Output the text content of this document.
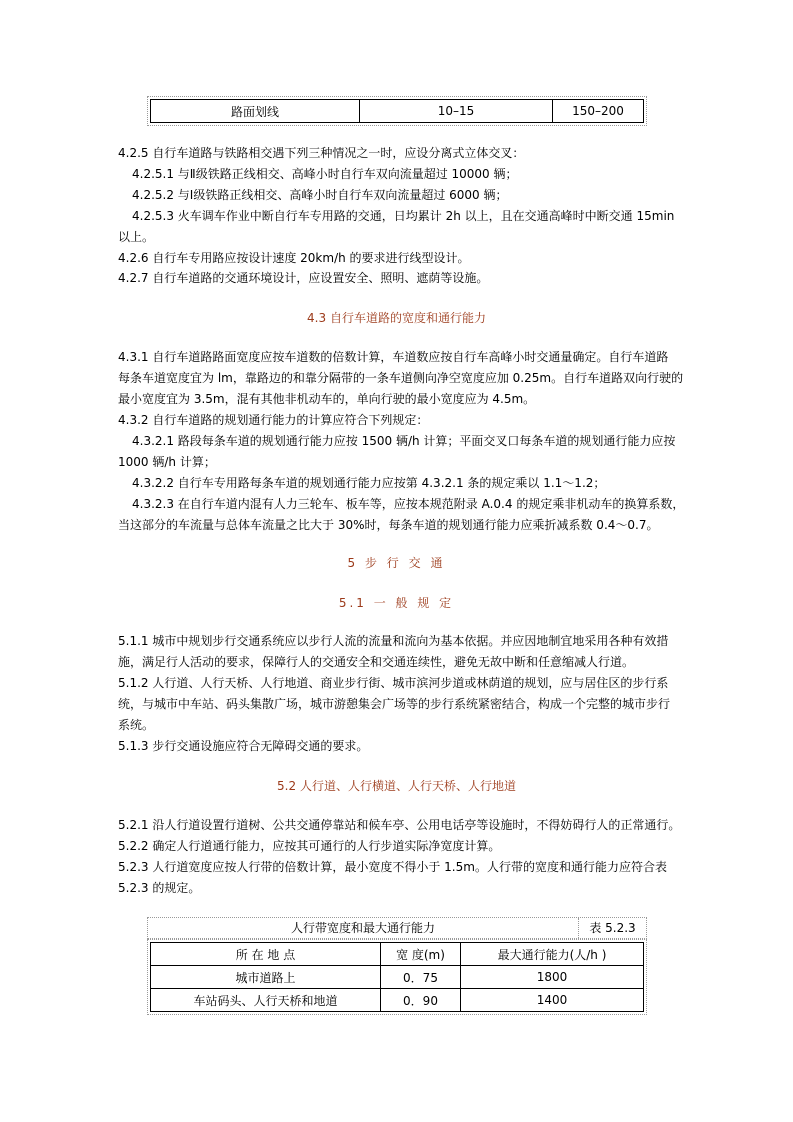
路面划线	10–15	150–200
4.2.5 自行车道路与铁路相交遇下列三种情况之一时，应设分离式立体交叉：
4.2.5.1 与Ⅱ级铁路正线相交、高峰小时自行车双向流量超过 10000 辆；
4.2.5.2 与Ⅰ级铁路正线相交、高峰小时自行车双向流量超过 6000 辆；
4.2.5.3 火车调车作业中断自行车专用路的交通，日均累计 2h 以上，且在交通高峰时中断交通 15min
以上。
4.2.6 自行车专用路应按设计速度 20km/h 的要求进行线型设计。
4.2.7 自行车道路的交通环境设计，应设置安全、照明、遮荫等设施。
4.3 自行车道路的宽度和通行能力
4.3.1 自行车道路路面宽度应按车道数的倍数计算，车道数应按自行车高峰小时交通量确定。自行车道路
每条车道宽度宜为 lm，靠路边的和靠分隔带的一条车道侧向净空宽度应加 0.25m。自行车道路双向行驶的
最小宽度宜为 3.5m，混有其他非机动车的，单向行驶的最小宽度应为 4.5m。
4.3.2 自行车道路的规划通行能力的计算应符合下列规定：
4.3.2.1 路段每条车道的规划通行能力应按 1500 辆/h 计算；平面交叉口每条车道的规划通行能力应按
1000 辆/h 计算；
4.3.2.2 自行车专用路每条车道的规划通行能力应按第 4.3.2.1 条的规定乘以 1.1～1.2；
4.3.2.3 在自行车道内混有人力三轮车、板车等，应按本规范附录 A.0.4 的规定乘非机动车的换算系数，
当这部分的车流量与总体车流量之比大于 30%时，每条车道的规划通行能力应乘折减系数 0.4～0.7。
5 步 行 交 通
5.1 一 般 规 定
5.1.1 城市中规划步行交通系统应以步行人流的流量和流向为基本依据。并应因地制宜地采用各种有效措
施，满足行人活动的要求，保障行人的交通安全和交通连续性，避免无故中断和任意缩减人行道。
5.1.2 人行道、人行天桥、人行地道、商业步行街、城市滨河步道或林荫道的规划，应与居住区的步行系
统，与城市中车站、码头集散广场，城市游憩集会广场等的步行系统紧密结合，构成一个完整的城市步行
系统。
5.1.3 步行交通设施应符合无障碍交通的要求。
5.2 人行道、人行横道、人行天桥、人行地道
5.2.1 沿人行道设置行道树、公共交通停靠站和候车亭、公用电话亭等设施时，不得妨碍行人的正常通行。
5.2.2 确定人行道通行能力，应按其可通行的人行步道实际净宽度计算。
5.2.3 人行道宽度应按人行带的倍数计算，最小宽度不得小于 1.5m。人行带的宽度和通行能力应符合表
5.2.3 的规定。
人行带宽度和最大通行能力	表 5.2.3
所 在 地 点	宽 度(m)	最大通行能力(人/h )
城市道路上	0．75	1800
车站码头、人行天桥和地道	0．90	1400
